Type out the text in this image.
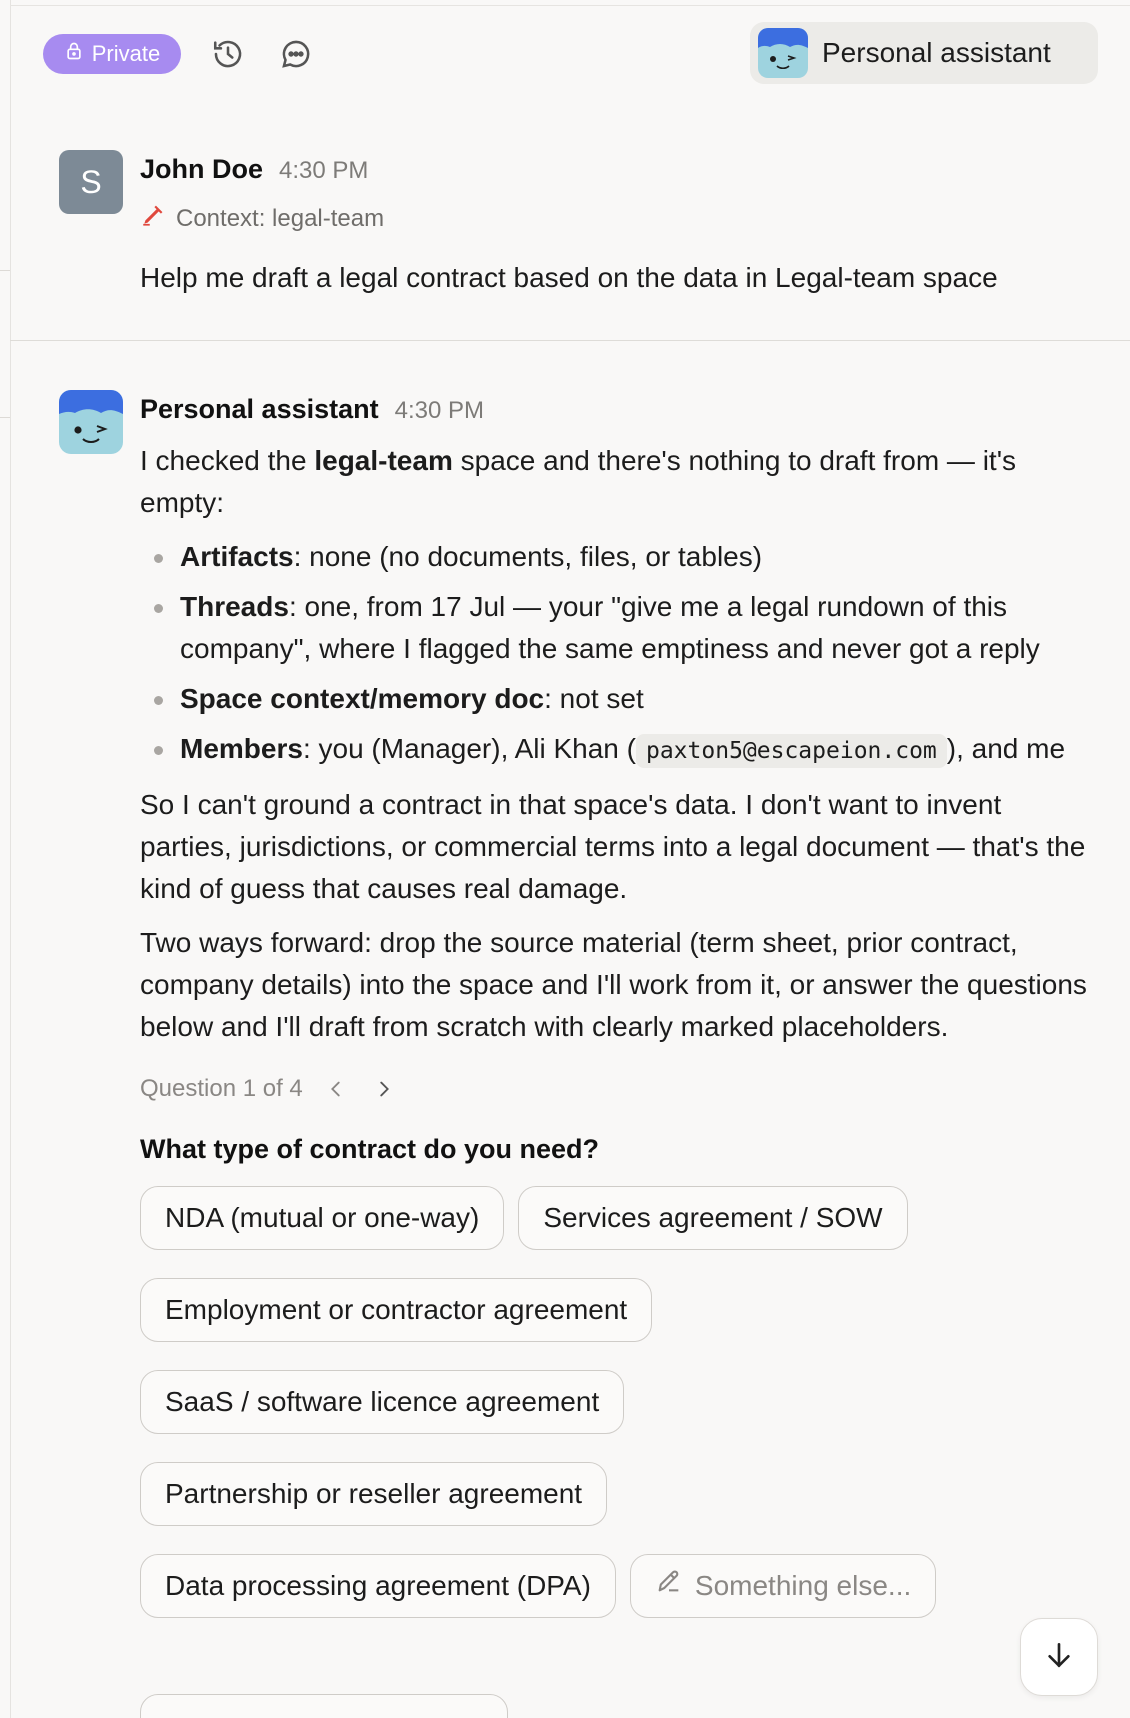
Private	Personal assistant
S	John Doe 4:30 PM
Context: legal-team
Help me draft a legal contract based on the data in Legal-team space
Personal assistant 4:30 PM

I checked the legal-team space and there's nothing to draft from — it's empty:

Artifacts: none (no documents, files, or tables)
Threads: one, from 17 Jul — your "give me a legal rundown of this company", where I flagged the same emptiness and never got a reply
Space context/memory doc: not set
Members: you (Manager), Ali Khan ( paxton5@escapeion.com ), and me

So I can't ground a contract in that space's data. I don't want to invent parties, jurisdictions, or commercial terms into a legal document — that's the kind of guess that causes real damage.

Two ways forward: drop the source material (term sheet, prior contract, company details) into the space and I'll work from it, or answer the questions below and I'll draft from scratch with clearly marked placeholders.

Question 1 of 4
What type of contract do you need?
NDA (mutual or one-way)	Services agreement / SOW
Employment or contractor agreement
SaaS / software licence agreement
Partnership or reseller agreement
Data processing agreement (DPA)	Something else...
